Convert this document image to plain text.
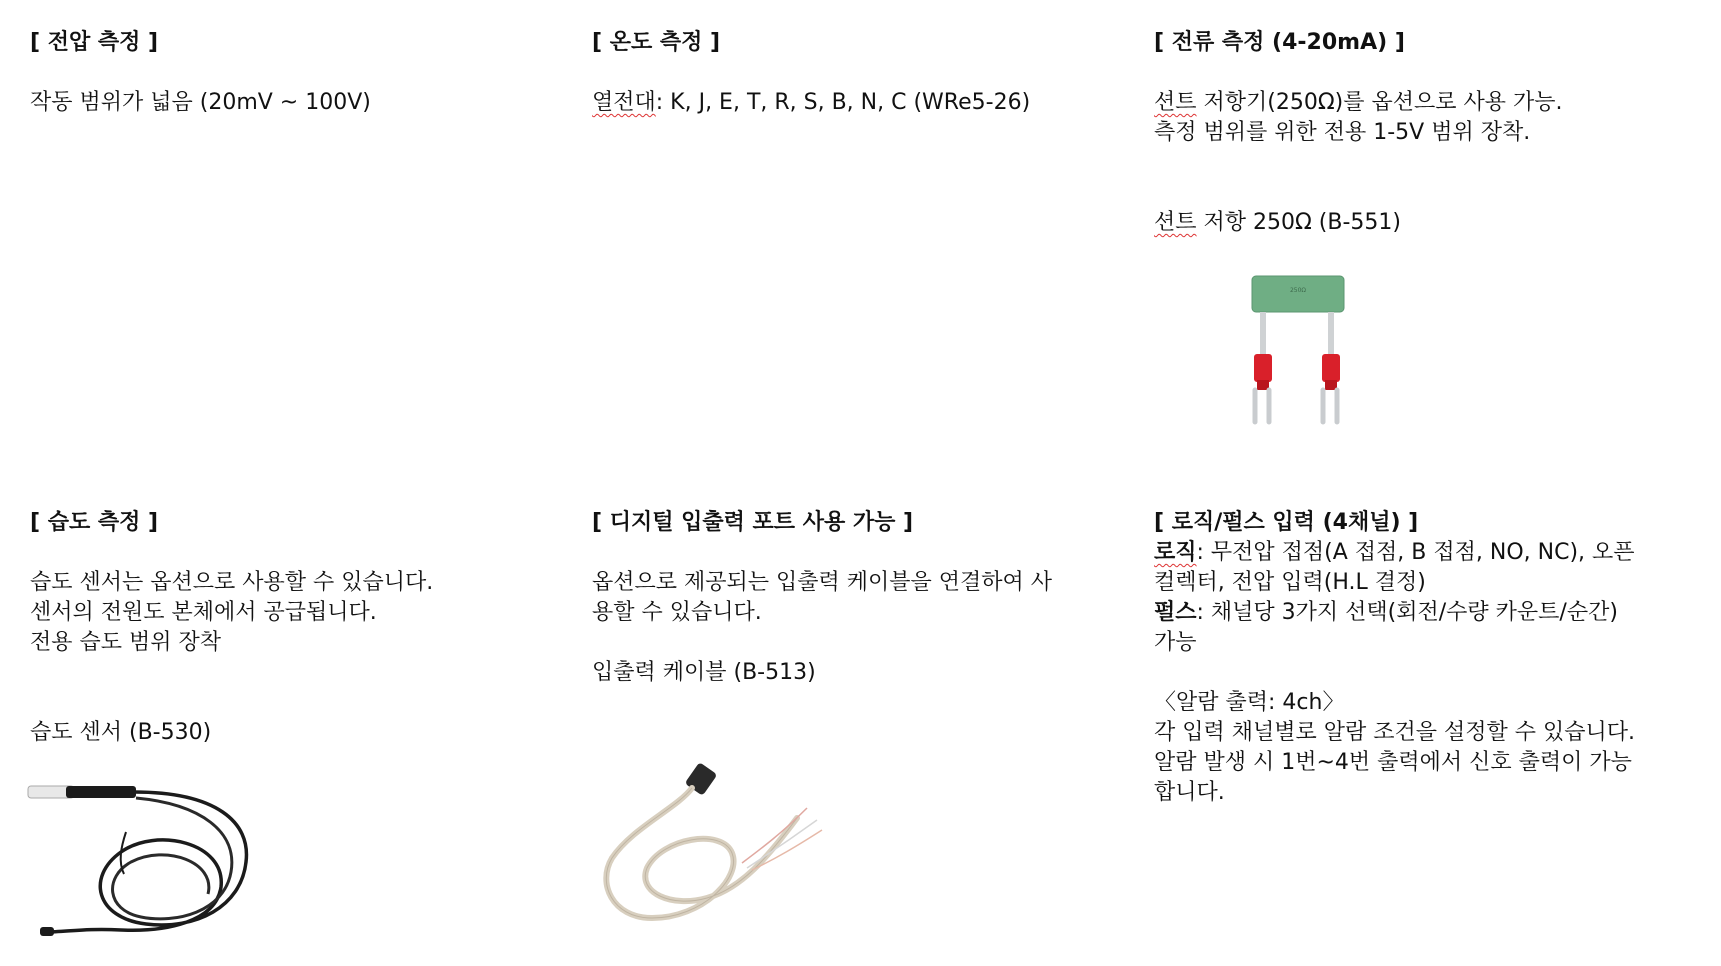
[ 전압 측정 ]
작동 범위가 넓음 (20mV ~ 100V)
[ 온도 측정 ]
열전대: K, J, E, T, R, S, B, N, C (WRe5-26)
[ 전류 측정 (4-20mA) ]
션트 저항기(250Ω)를 옵션으로 사용 가능.
측정 범위를 위한 전용 1-5V 범위 장착.
션트 저항 250Ω (B-551)
250Ω
[ 습도 측정 ]
습도 센서는 옵션으로 사용할 수 있습니다.
센서의 전원도 본체에서 공급됩니다.
전용 습도 범위 장착
습도 센서 (B-530)
[ 디지털 입출력 포트 사용 가능 ]
옵션으로 제공되는 입출력 케이블을 연결하여 사
용할 수 있습니다.
입출력 케이블 (B-513)
[ 로직/펄스 입력 (4채널) ]
로직: 무전압 접점(A 접점, B 접점, NO, NC), 오픈
컬렉터, 전압 입력(H.L 결정)
펄스: 채널당 3가지 선택(회전/수량 카운트/순간)
가능
〈알람 출력: 4ch〉
각 입력 채널별로 알람 조건을 설정할 수 있습니다.
알람 발생 시 1번~4번 출력에서 신호 출력이 가능
합니다.
